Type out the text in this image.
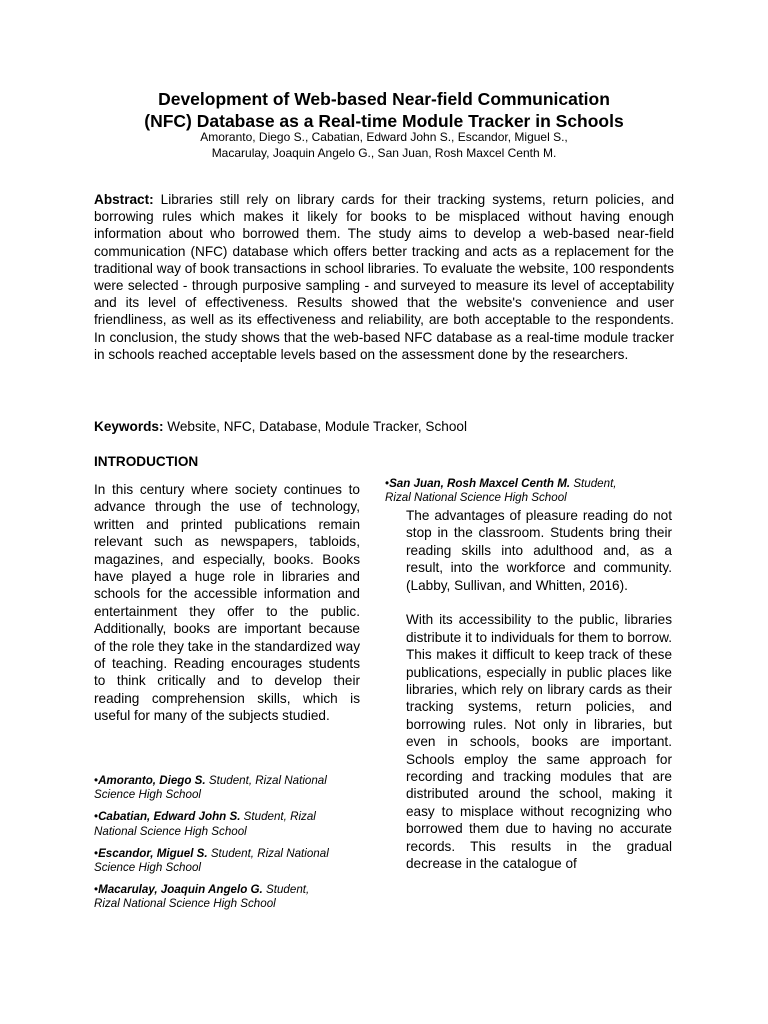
Development of Web-based Near-field Communication
(NFC) Database as a Real-time Module Tracker in Schools
Amoranto, Diego S., Cabatian, Edward John S., Escandor, Miguel S.,
Macarulay, Joaquin Angelo G., San Juan, Rosh Maxcel Centh M.
Abstract: Libraries still rely on library cards for their tracking systems, return policies, and borrowing rules which makes it likely for books to be misplaced without having enough information about who borrowed them. The study aims to develop a web-based near-field communication (NFC) database which offers better tracking and acts as a replacement for the traditional way of book transactions in school libraries. To evaluate the website, 100 respondents were selected - through purposive sampling - and surveyed to measure its level of acceptability and its level of effectiveness. Results showed that the website's convenience and user friendliness, as well as its effectiveness and reliability, are both acceptable to the respondents. In conclusion, the study shows that the web-based NFC database as a real-time module tracker in schools reached acceptable levels based on the assessment done by the researchers.
Keywords: Website, NFC, Database, Module Tracker, School
INTRODUCTION
In this century where society continues to advance through the use of technology, written and printed publications remain relevant such as newspapers, tabloids, magazines, and especially, books. Books have played a huge role in libraries and schools for the accessible information and entertainment they offer to the public. Additionally, books are important because of the role they take in the standardized way of teaching. Reading encourages students to think critically and to develop their reading comprehension skills, which is useful for many of the subjects studied.
•Amoranto, Diego S. Student, Rizal National
Science High School
•Cabatian, Edward John S. Student, Rizal
National Science High School
•Escandor, Miguel S. Student, Rizal National
Science High School
•Macarulay, Joaquin Angelo G. Student,
Rizal National Science High School
•San Juan, Rosh Maxcel Centh M. Student,
Rizal National Science High School

The advantages of pleasure reading do not stop in the classroom. Students bring their reading skills into adulthood and, as a result, into the workforce and community. (Labby, Sullivan, and Whitten, 2016).

With its accessibility to the public, libraries distribute it to individuals for them to borrow. This makes it difficult to keep track of these publications, especially in public places like libraries, which rely on library cards as their tracking systems, return policies, and borrowing rules. Not only in libraries, but even in schools, books are important. Schools employ the same approach for recording and tracking modules that are distributed around the school, making it easy to misplace without recognizing who borrowed them due to having no accurate records. This results in the gradual decrease in the catalogue of
